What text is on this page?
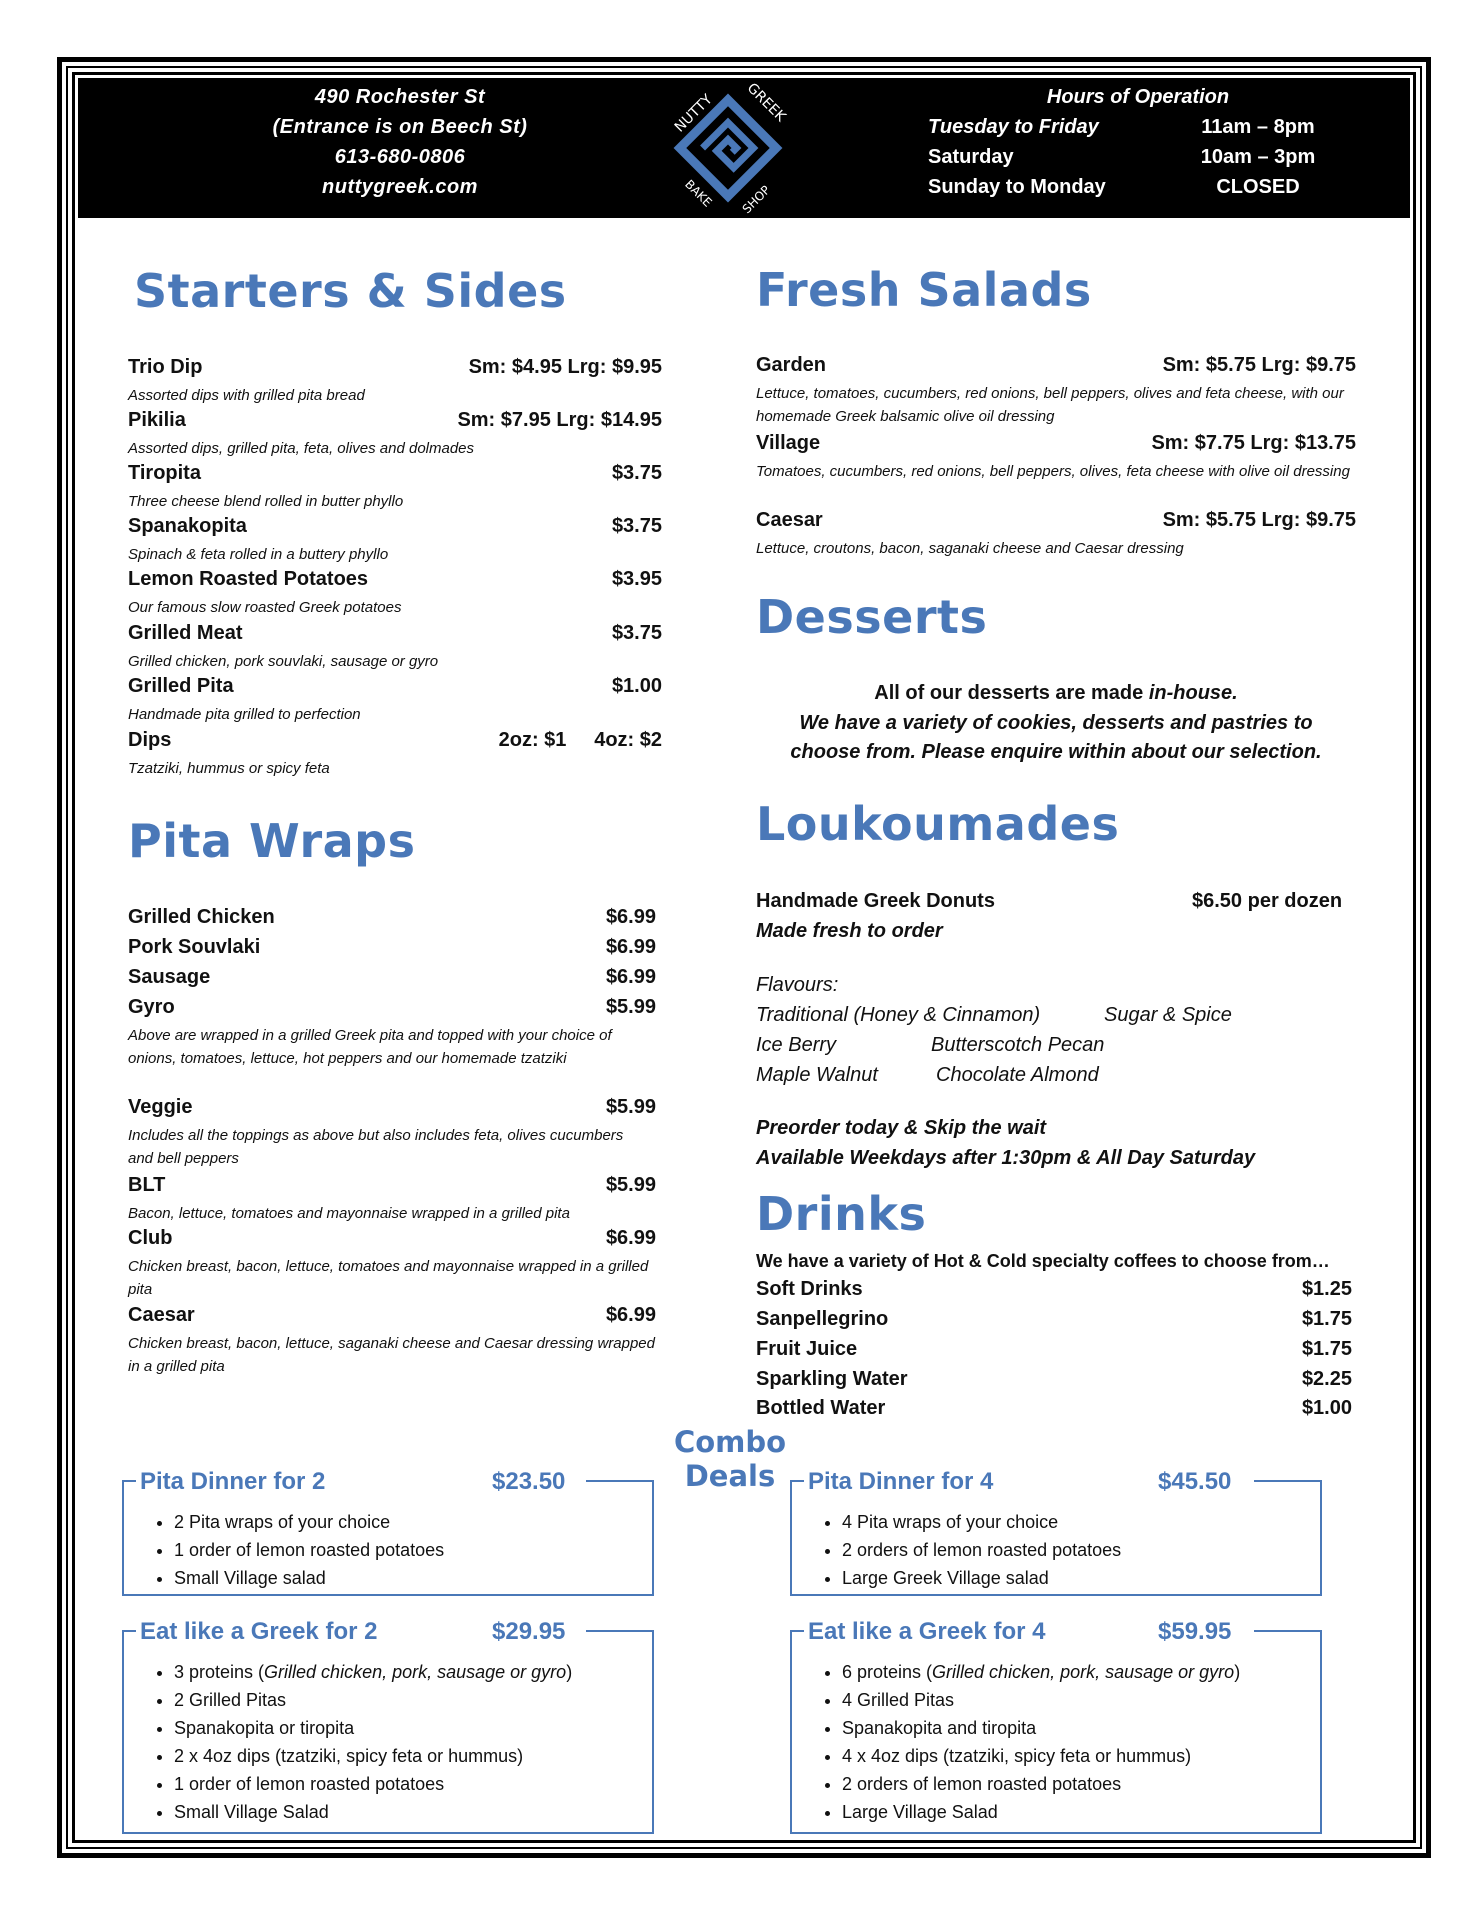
490 Rochester St
(Entrance is on Beech St)
613-680-0806
nuttygreek.com
NUTTY GREEK
BAKE SHOP
Hours of Operation
Tuesday to Friday	11am – 8pm
Saturday	10am – 3pm
Sunday to Monday	CLOSED
Starters & Sides
Trio Dip	Sm: $4.95 Lrg: $9.95
Assorted dips with grilled pita bread
Pikilia	Sm: $7.95 Lrg: $14.95
Assorted dips, grilled pita, feta, olives and dolmades
Tiropita	$3.75
Three cheese blend rolled in butter phyllo
Spanakopita	$3.75
Spinach & feta rolled in a buttery phyllo
Lemon Roasted Potatoes	$3.95
Our famous slow roasted Greek potatoes
Grilled Meat	$3.75
Grilled chicken, pork souvlaki, sausage or gyro
Grilled Pita	$1.00
Handmade pita grilled to perfection
Dips	2oz: $1     4oz: $2
Tzatziki, hummus or spicy feta
Pita Wraps
Grilled Chicken	$6.99
Pork Souvlaki	$6.99
Sausage	$6.99
Gyro	$5.99
Above are wrapped in a grilled Greek pita and topped with your choice of onions, tomatoes, lettuce, hot peppers and our homemade tzatziki
Veggie	$5.99
Includes all the toppings as above but also includes feta, olives cucumbers and bell peppers
BLT	$5.99
Bacon, lettuce, tomatoes and mayonnaise wrapped in a grilled pita
Club	$6.99
Chicken breast, bacon, lettuce, tomatoes and mayonnaise wrapped in a grilled pita
Caesar	$6.99
Chicken breast, bacon, lettuce, saganaki cheese and Caesar dressing wrapped in a grilled pita
Fresh Salads
Garden	Sm: $5.75 Lrg: $9.75
Lettuce, tomatoes, cucumbers, red onions, bell peppers, olives and feta cheese, with our homemade Greek balsamic olive oil dressing
Village	Sm: $7.75 Lrg: $13.75
Tomatoes, cucumbers, red onions, bell peppers, olives, feta cheese with olive oil dressing
Caesar	Sm: $5.75 Lrg: $9.75
Lettuce, croutons, bacon, saganaki cheese and Caesar dressing
Desserts
All of our desserts are made in-house.
We have a variety of cookies, desserts and pastries to
choose from. Please enquire within about our selection.
Loukoumades
Handmade Greek Donuts	$6.50 per dozen
Made fresh to order
Flavours:
Traditional (Honey & Cinnamon)	Sugar & Spice
Ice Berry	Butterscotch Pecan
Maple Walnut	Chocolate Almond
Preorder today & Skip the wait
Available Weekdays after 1:30pm & All Day Saturday
Drinks
We have a variety of Hot & Cold specialty coffees to choose from…
Soft Drinks	$1.25
Sanpellegrino	$1.75
Fruit Juice	$1.75
Sparkling Water	$2.25
Bottled Water	$1.00
Combo Deals
Pita Dinner for 2	$23.50
• 2 Pita wraps of your choice
• 1 order of lemon roasted potatoes
• Small Village salad
Pita Dinner for 4	$45.50
• 4 Pita wraps of your choice
• 2 orders of lemon roasted potatoes
• Large Greek Village salad
Eat like a Greek for 2	$29.95
• 3 proteins (Grilled chicken, pork, sausage or gyro)
• 2 Grilled Pitas
• Spanakopita or tiropita
• 2 x 4oz dips (tzatziki, spicy feta or hummus)
• 1 order of lemon roasted potatoes
• Small Village Salad
Eat like a Greek for 4	$59.95
• 6 proteins (Grilled chicken, pork, sausage or gyro)
• 4 Grilled Pitas
• Spanakopita and tiropita
• 4 x 4oz dips (tzatziki, spicy feta or hummus)
• 2 orders of lemon roasted potatoes
• Large Village Salad
